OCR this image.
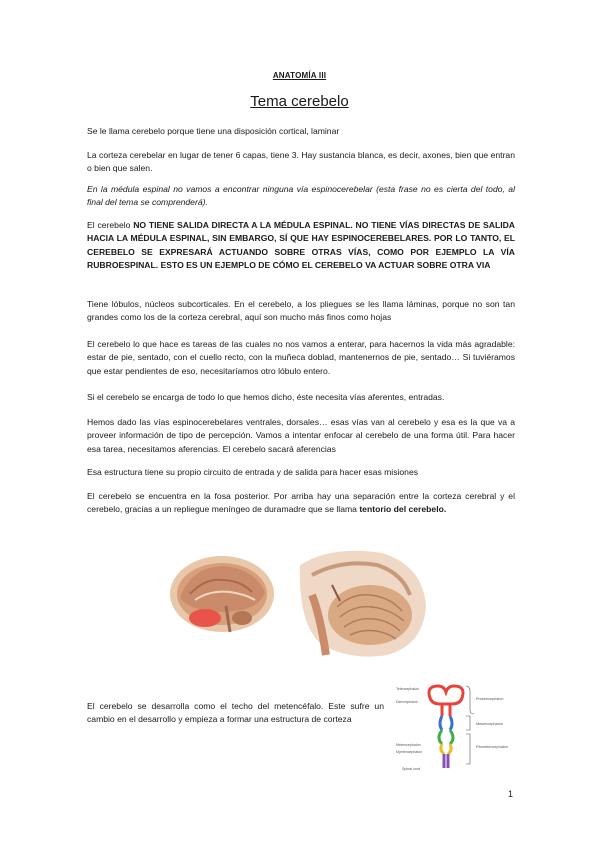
ANATOMÍA III
Tema cerebelo

Se le llama cerebelo porque tiene una disposición cortical, laminar

La corteza cerebelar en lugar de tener 6 capas, tiene 3. Hay sustancia blanca, es decir, axones, bien que entran o bien que salen.

En la médula espinal no vamos a encontrar ninguna vía espinocerebelar (esta frase no es cierta del todo, al final del tema se comprenderá).

El cerebelo NO TIENE SALIDA DIRECTA A LA MÉDULA ESPINAL. NO TIENE VÍAS DIRECTAS DE SALIDA HACIA LA MÉDULA ESPINAL, SIN EMBARGO, SÍ QUE HAY ESPINOCEREBELARES. POR LO TANTO, EL CEREBELO SE EXPRESARÁ ACTUANDO SOBRE OTRAS VÍAS, COMO POR EJEMPLO LA VÍA RUBROESPINAL. ESTO ES UN EJEMPLO DE CÓMO EL CEREBELO VA ACTUAR SOBRE OTRA VIA

Tiene lóbulos, núcleos subcorticales. En el cerebelo, a los pliegues se les llama láminas, porque no son tan grandes como los de la corteza cerebral, aquí son mucho más finos como hojas

El cerebelo lo que hace es tareas de las cuales no nos vamos a enterar, para hacernos la vida más agradable: estar de pie, sentado, con el cuello recto, con la muñeca doblad, mantenernos de pie, sentado… Si tuviéramos que estar pendientes de eso, necesitaríamos otro lóbulo entero.

Si el cerebelo se encarga de todo lo que hemos dicho, éste necesita vías aferentes, entradas.

Hemos dado las vías espinocerebelares ventrales, dorsales… esas vías van al cerebelo y esa es la que va a proveer información de tipo de percepción. Vamos a intentar enfocar al cerebelo de una forma útil. Para hacer esa tarea, necesitamos aferencias. El cerebelo sacará aferencias

Esa estructura tiene su propio circuito de entrada y de salida para hacer esas misiones

El cerebelo se encuentra en la fosa posterior. Por arriba hay una separación entre la corteza cerebral y el cerebelo, gracias a un repliegue meníngeo de duramadre que se llama tentorio del cerebelo.

El cerebelo se desarrolla como el techo del metencéfalo. Este sufre un cambio en el desarrollo y empieza a formar una estructura de corteza

Telencephalon
Diencephalon
Metencephalon
Myelencephalon
Spinal cord
Prosencephalon
Mesencephalon
Rhombencephalon
1
